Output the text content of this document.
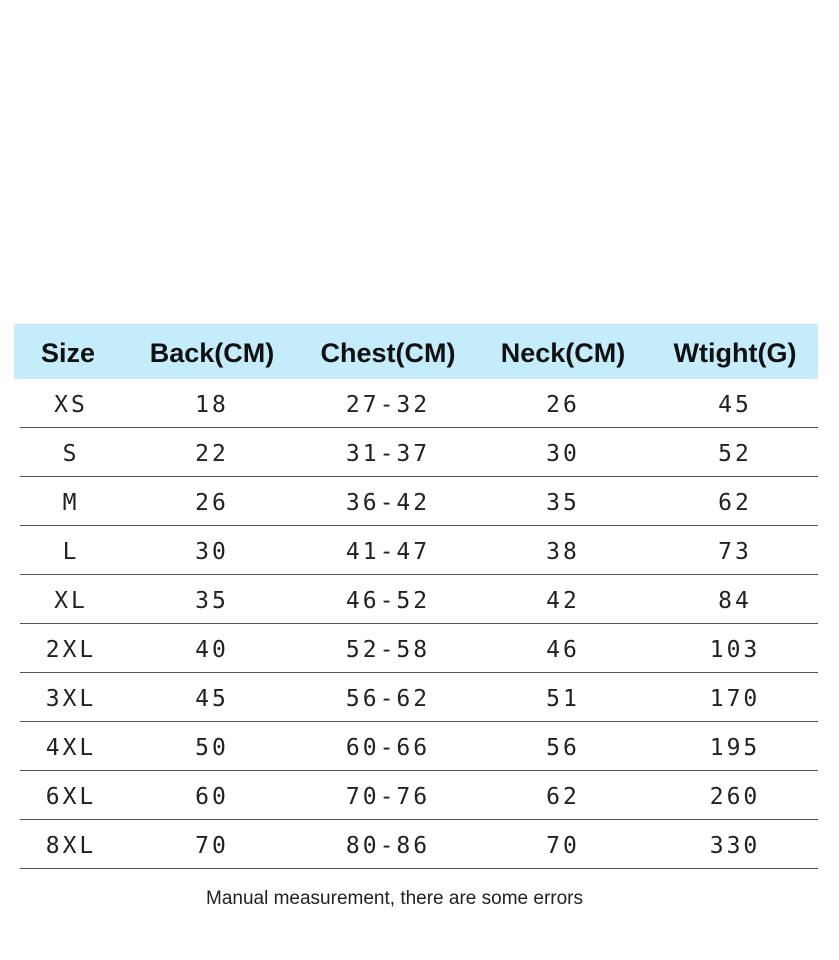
Size	Back(CM)	Chest(CM)	Neck(CM)	Wtight(G)
XS	18	27-32	26	45
S	22	31-37	30	52
M	26	36-42	35	62
L	30	41-47	38	73
XL	35	46-52	42	84
2XL	40	52-58	46	103
3XL	45	56-62	51	170
4XL	50	60-66	56	195
6XL	60	70-76	62	260
8XL	70	80-86	70	330
Manual measurement, there are some errors
